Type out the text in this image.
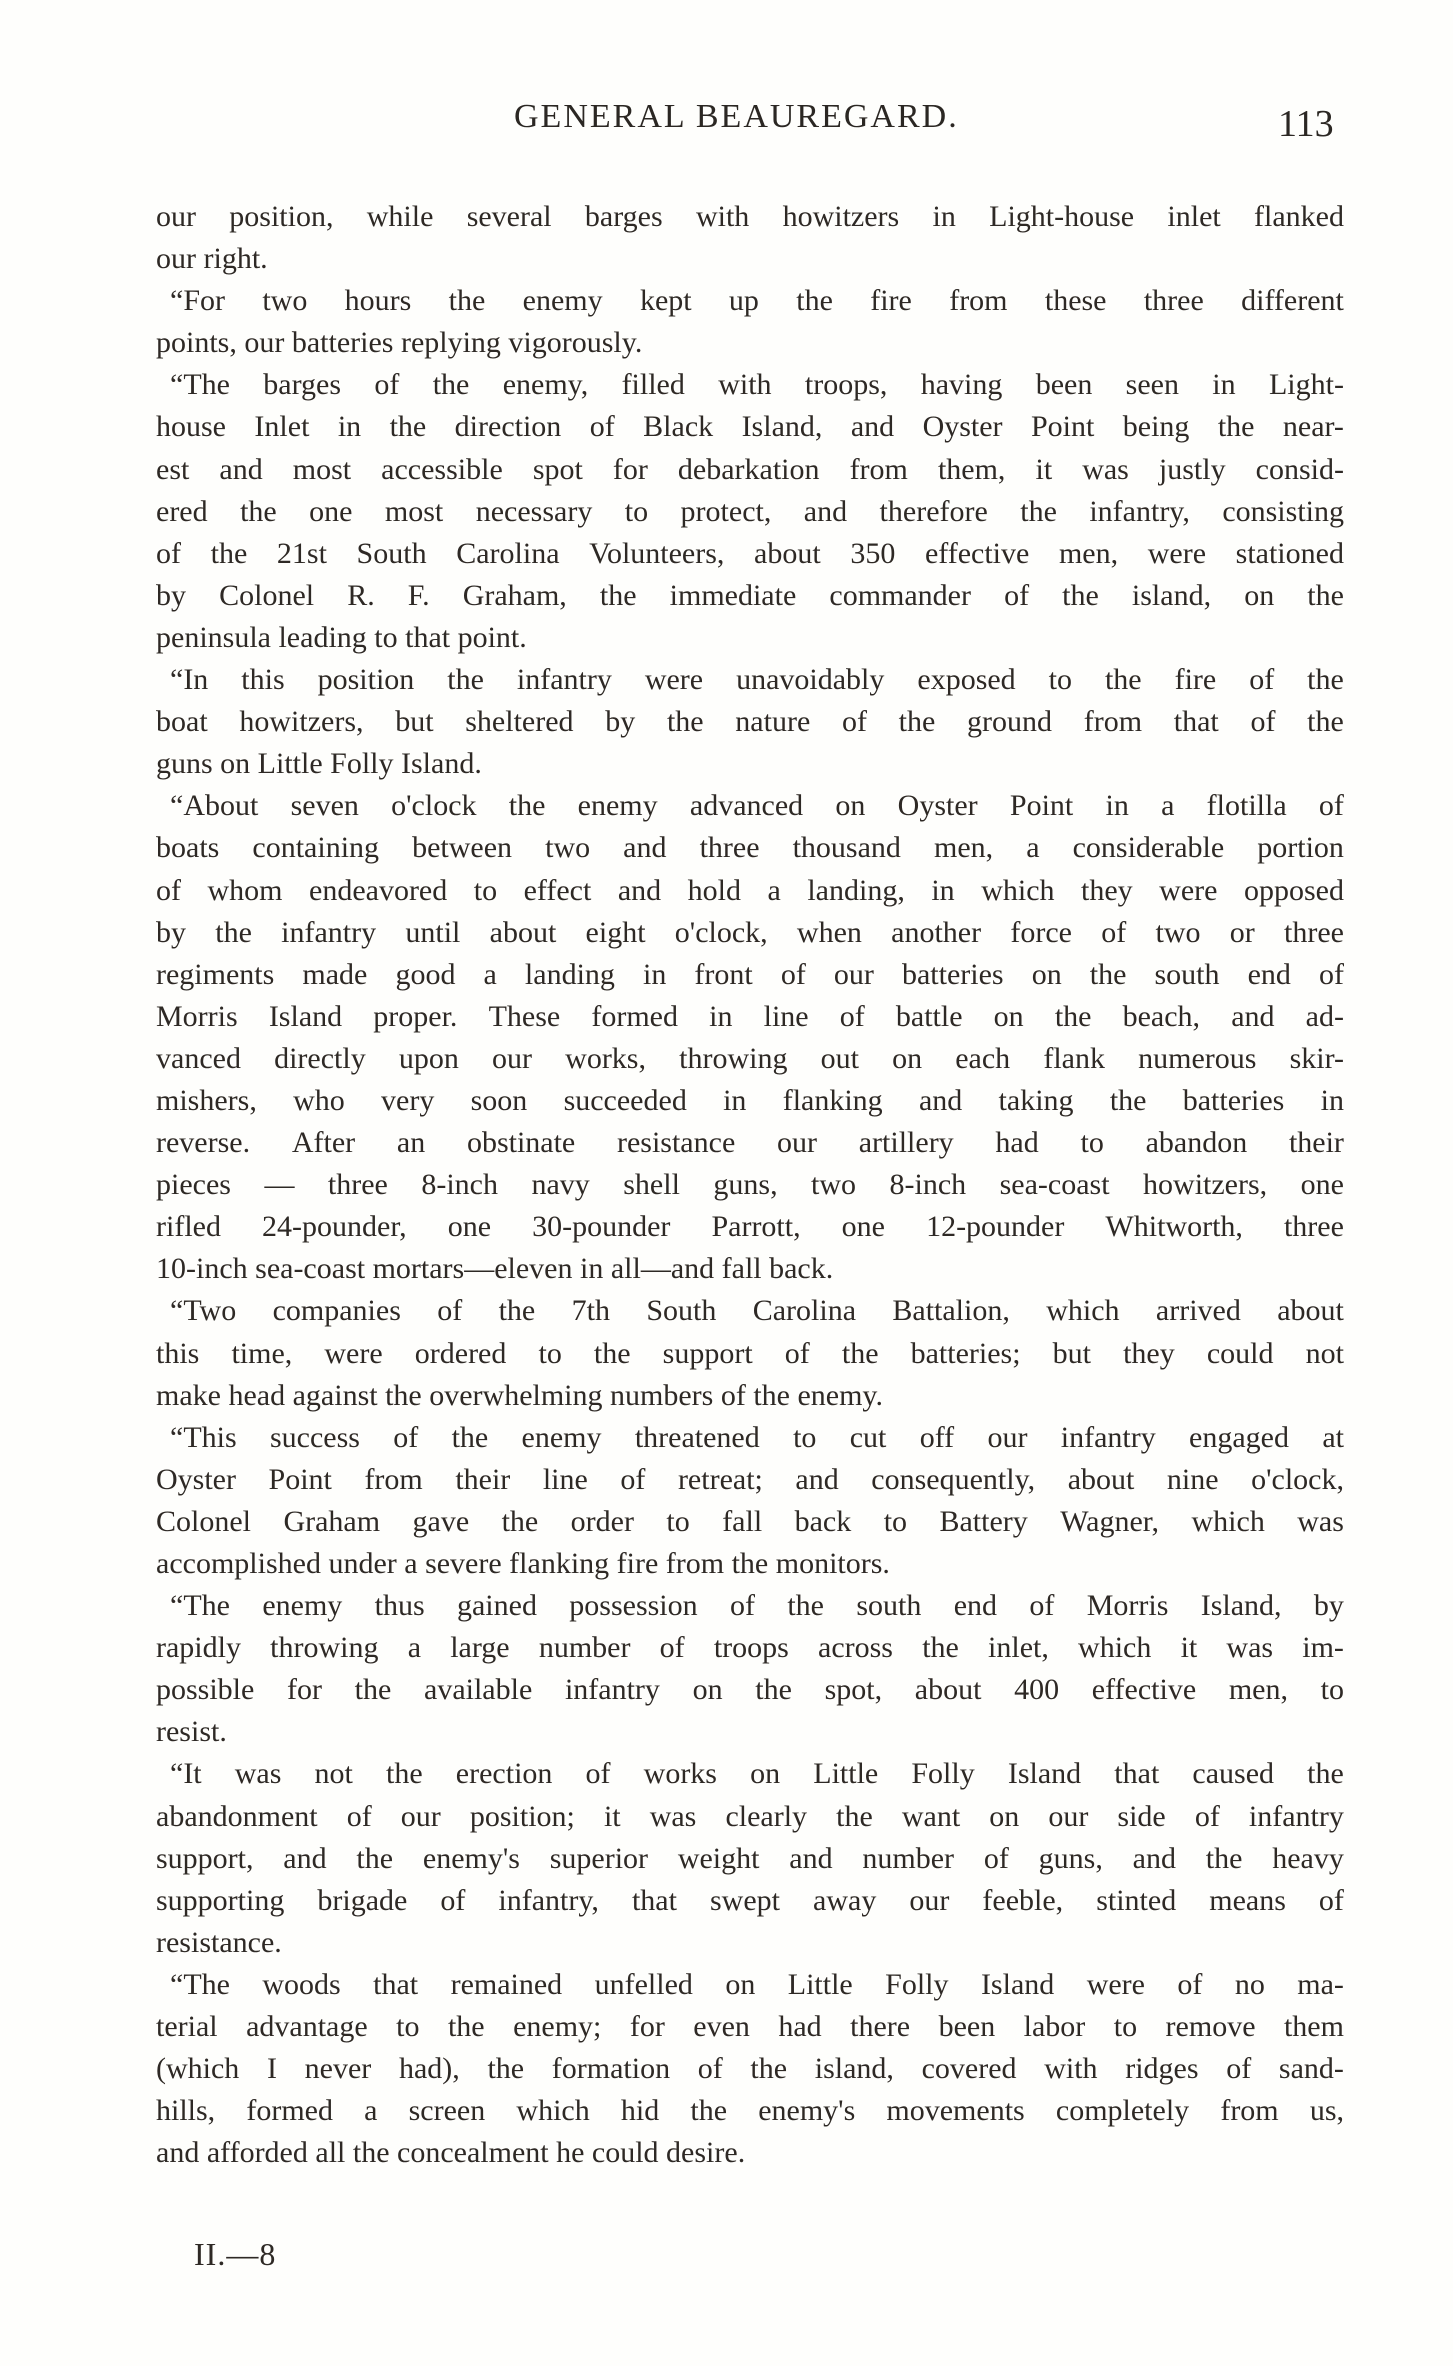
GENERAL BEAUREGARD.	113
our position, while several barges with howitzers in Light-house inlet flanked
our right.
“For two hours the enemy kept up the fire from these three different
points, our batteries replying vigorously.
“The barges of the enemy, filled with troops, having been seen in Light-
house Inlet in the direction of Black Island, and Oyster Point being the near-
est and most accessible spot for debarkation from them, it was justly consid-
ered the one most necessary to protect, and therefore the infantry, consisting
of the 21st South Carolina Volunteers, about 350 effective men, were stationed
by Colonel R. F. Graham, the immediate commander of the island, on the
peninsula leading to that point.
“In this position the infantry were unavoidably exposed to the fire of the
boat howitzers, but sheltered by the nature of the ground from that of the
guns on Little Folly Island.
“About seven o'clock the enemy advanced on Oyster Point in a flotilla of
boats containing between two and three thousand men, a considerable portion
of whom endeavored to effect and hold a landing, in which they were opposed
by the infantry until about eight o'clock, when another force of two or three
regiments made good a landing in front of our batteries on the south end of
Morris Island proper. These formed in line of battle on the beach, and ad-
vanced directly upon our works, throwing out on each flank numerous skir-
mishers, who very soon succeeded in flanking and taking the batteries in
reverse. After an obstinate resistance our artillery had to abandon their
pieces — three 8-inch navy shell guns, two 8-inch sea-coast howitzers, one
rifled 24-pounder, one 30-pounder Parrott, one 12-pounder Whitworth, three
10-inch sea-coast mortars—eleven in all—and fall back.
“Two companies of the 7th South Carolina Battalion, which arrived about
this time, were ordered to the support of the batteries; but they could not
make head against the overwhelming numbers of the enemy.
“This success of the enemy threatened to cut off our infantry engaged at
Oyster Point from their line of retreat; and consequently, about nine o'clock,
Colonel Graham gave the order to fall back to Battery Wagner, which was
accomplished under a severe flanking fire from the monitors.
“The enemy thus gained possession of the south end of Morris Island, by
rapidly throwing a large number of troops across the inlet, which it was im-
possible for the available infantry on the spot, about 400 effective men, to
resist.
“It was not the erection of works on Little Folly Island that caused the
abandonment of our position; it was clearly the want on our side of infantry
support, and the enemy's superior weight and number of guns, and the heavy
supporting brigade of infantry, that swept away our feeble, stinted means of
resistance.
“The woods that remained unfelled on Little Folly Island were of no ma-
terial advantage to the enemy; for even had there been labor to remove them
(which I never had), the formation of the island, covered with ridges of sand-
hills, formed a screen which hid the enemy's movements completely from us,
and afforded all the concealment he could desire.
II.—8
